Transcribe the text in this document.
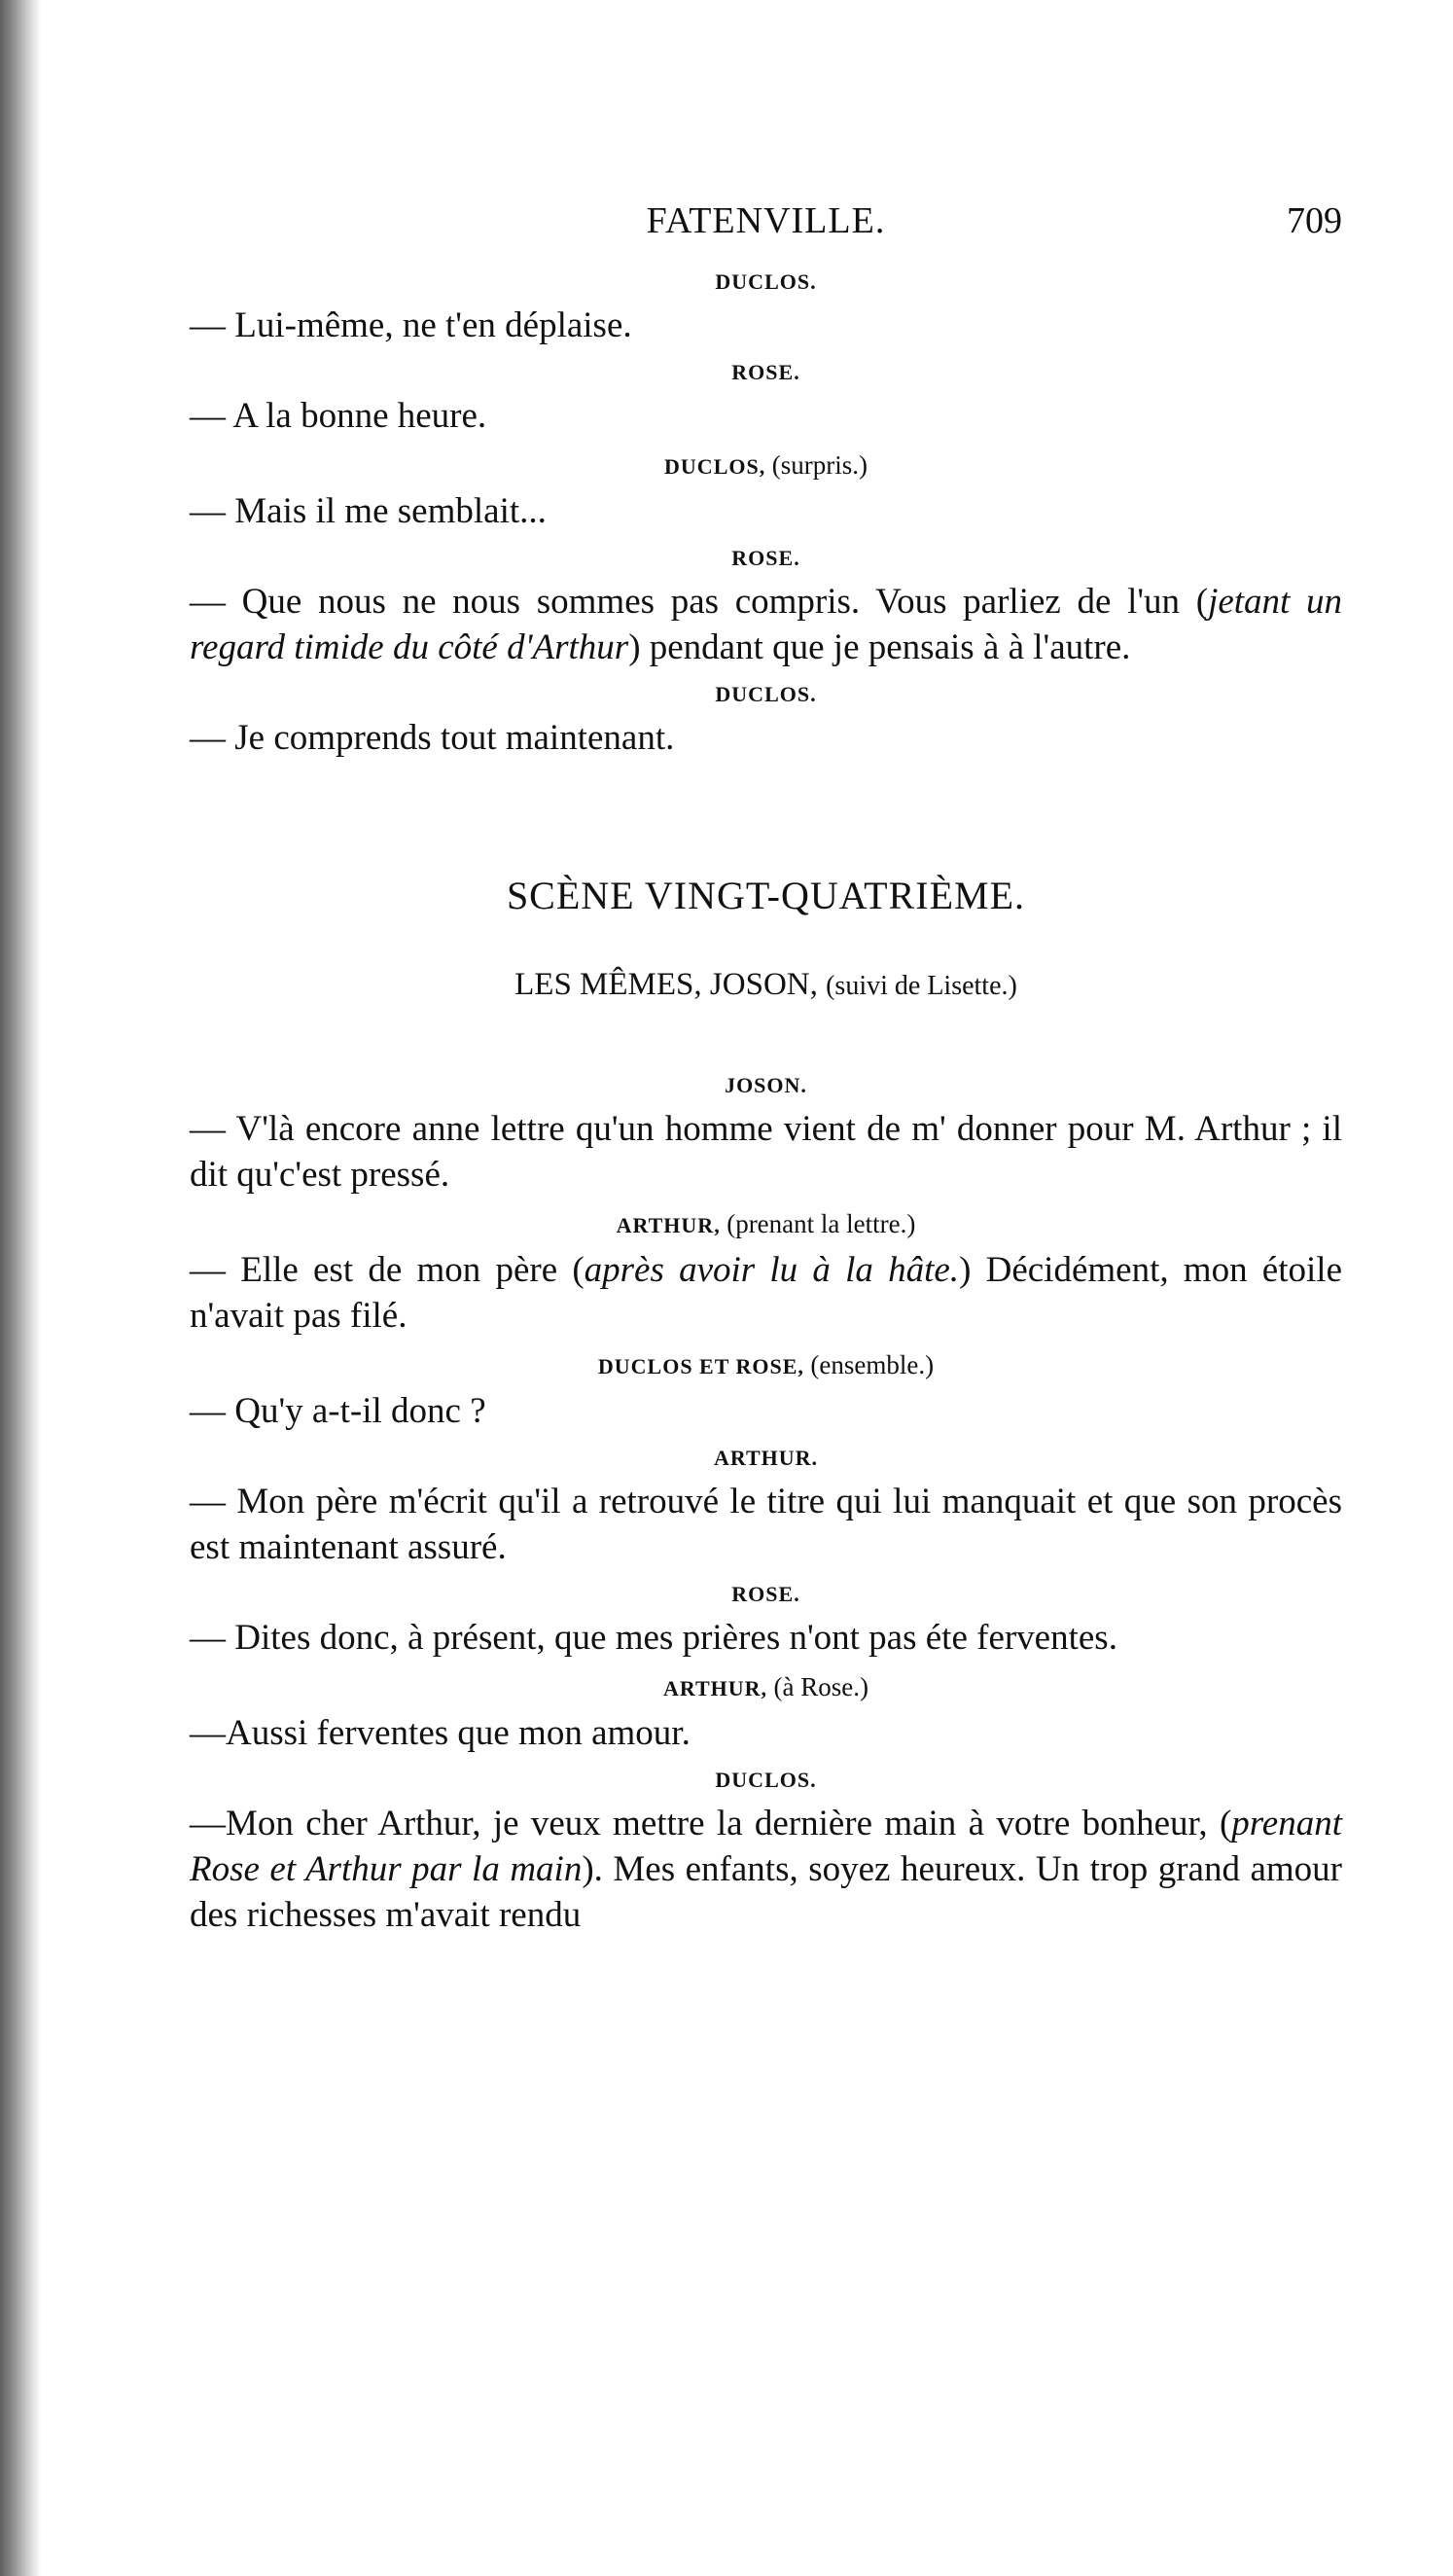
FATENVILLE.	709
DUCLOS.

— Lui-même, ne t'en déplaise.

ROSE.

— A la bonne heure.

DUCLOS, (surpris.)

— Mais il me semblait...

ROSE.

— Que nous ne nous sommes pas compris. Vous parliez de l'un (jetant un regard timide du côté d'Arthur) pendant que je pensais à à l'autre.

DUCLOS.

— Je comprends tout maintenant.

SCÈNE VINGT-QUATRIÈME.
LES MÊMES, JOSON, (suivi de Lisette.)
JOSON.

— V'là encore anne lettre qu'un homme vient de m' donner pour M. Arthur ; il dit qu'c'est pressé.

ARTHUR, (prenant la lettre.)

— Elle est de mon père (après avoir lu à la hâte.) Décidément, mon étoile n'avait pas filé.

DUCLOS ET ROSE, (ensemble.)

— Qu'y a-t-il donc ?

ARTHUR.

— Mon père m'écrit qu'il a retrouvé le titre qui lui manquait et que son procès est maintenant assuré.

ROSE.

— Dites donc, à présent, que mes prières n'ont pas éte ferventes.

ARTHUR, (à Rose.)

—Aussi ferventes que mon amour.

DUCLOS.

—Mon cher Arthur, je veux mettre la dernière main à votre bonheur, (prenant Rose et Arthur par la main). Mes enfants, soyez heureux. Un trop grand amour des richesses m'avait rendu
